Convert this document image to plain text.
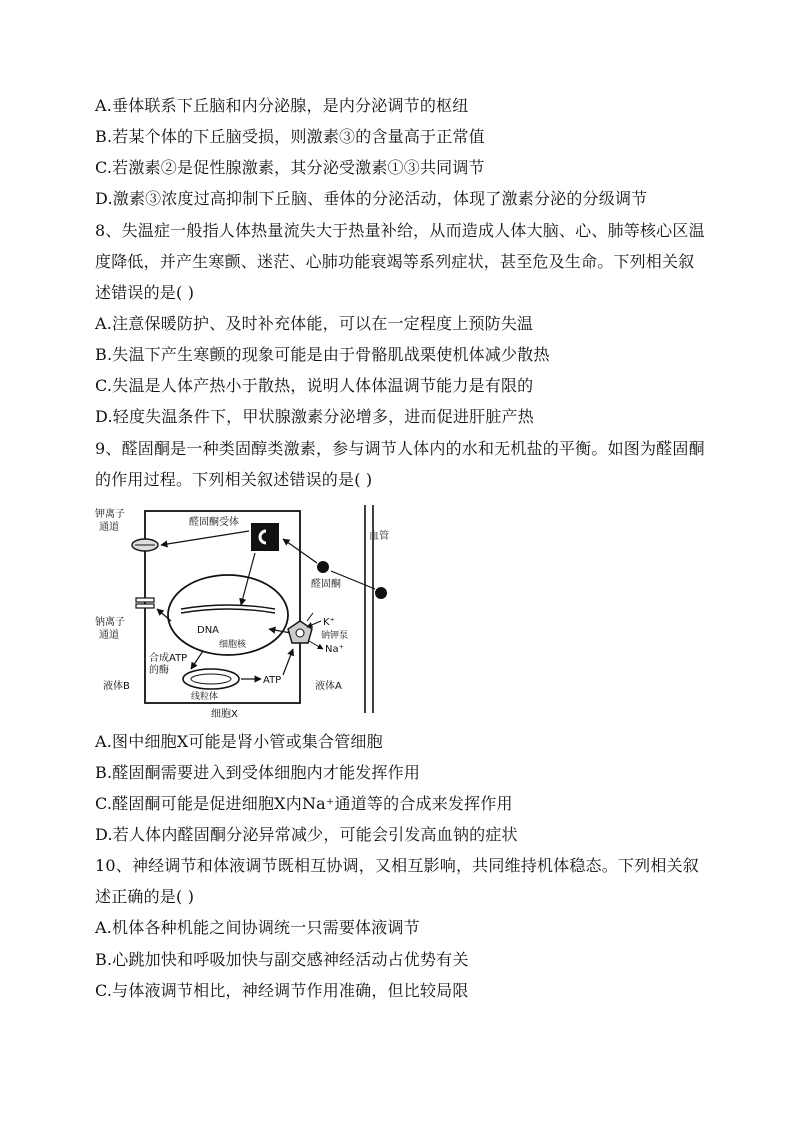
A.垂体联系下丘脑和内分泌腺，是内分泌调节的枢纽
B.若某个体的下丘脑受损，则激素③的含量高于正常值
C.若激素②是促性腺激素，其分泌受激素①③共同调节
D.激素③浓度过高抑制下丘脑、垂体的分泌活动，体现了激素分泌的分级调节
8、失温症一般指人体热量流失大于热量补给，从而造成人体大脑、心、肺等核心区温
度降低，并产生寒颤、迷茫、心肺功能衰竭等系列症状，甚至危及生命。下列相关叙
述错误的是( )
A.注意保暖防护、及时补充体能，可以在一定程度上预防失温
B.失温下产生寒颤的现象可能是由于骨骼肌战栗使机体减少散热
C.失温是人体产热小于散热，说明人体体温调节能力是有限的
D.轻度失温条件下，甲状腺激素分泌增多，进而促进肝脏产热
9、醛固酮是一种类固醇类激素，参与调节人体内的水和无机盐的平衡。如图为醛固酮
的作用过程。下列相关叙述错误的是( )
钾离子
通道
钠离子
通道
醛固酮受体
醛固酮
血管
DNA
细胞核
K⁺
钠钾泵
Na⁺
合成ATP
的酶
线粒体
ATP
液体B	液体A
细胞X
A.图中细胞X可能是肾小管或集合管细胞
B.醛固酮需要进入到受体细胞内才能发挥作用
C.醛固酮可能是促进细胞X内Na⁺通道等的合成来发挥作用
D.若人体内醛固酮分泌异常减少，可能会引发高血钠的症状
10、神经调节和体液调节既相互协调，又相互影响，共同维持机体稳态。下列相关叙
述正确的是( )
A.机体各种机能之间协调统一只需要体液调节
B.心跳加快和呼吸加快与副交感神经活动占优势有关
C.与体液调节相比，神经调节作用准确，但比较局限
